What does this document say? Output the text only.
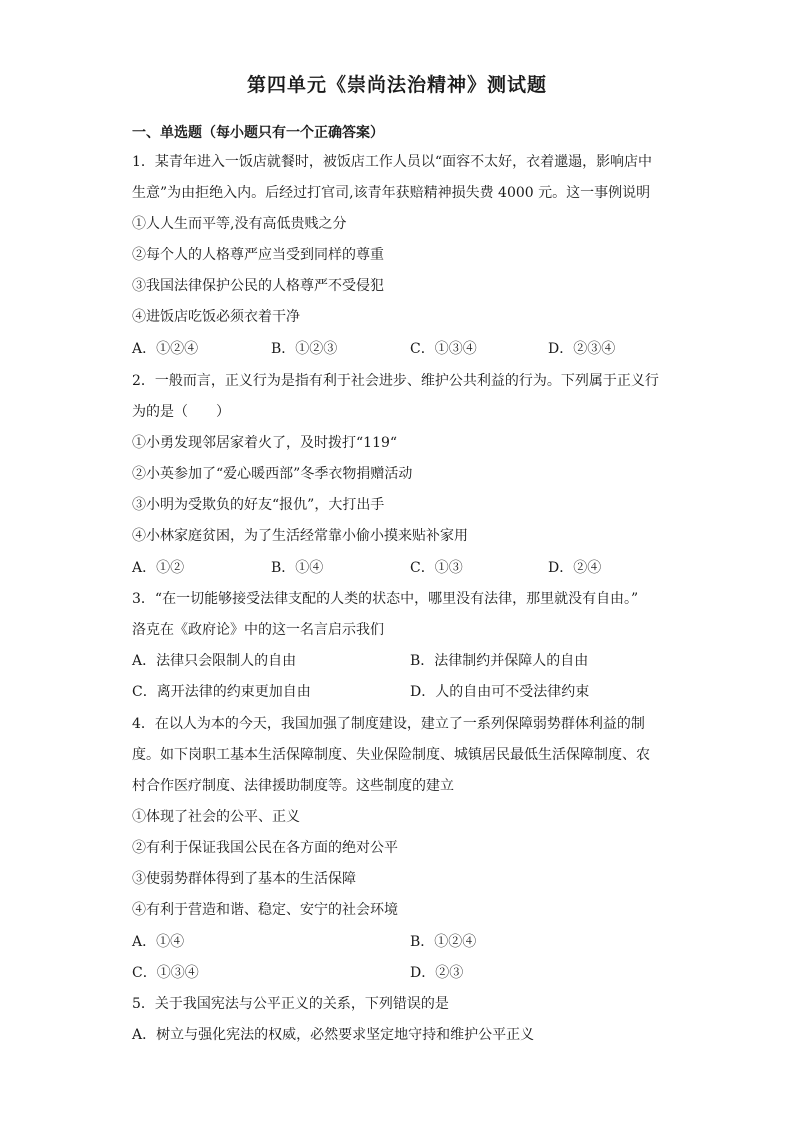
第四单元《崇尚法治精神》测试题
一、单选题（每小题只有一个正确答案）
1．某青年进入一饭店就餐时，被饭店工作人员以“面容不太好，衣着邋遢，影响店中
生意”为由拒绝入内。后经过打官司,该青年获赔精神损失费 4000 元。这一事例说明
①人人生而平等,没有高低贵贱之分
②每个人的人格尊严应当受到同样的尊重
③我国法律保护公民的人格尊严不受侵犯
④进饭店吃饭必须衣着干净
A．①②④	B．①②③	C．①③④	D．②③④
2．一般而言，正义行为是指有利于社会进步、维护公共利益的行为。下列属于正义行
为的是（　　）
①小勇发现邻居家着火了，及时拨打“119“
②小英参加了“爱心暖西部”冬季衣物捐赠活动
③小明为受欺负的好友“报仇”，大打出手
④小林家庭贫困，为了生活经常靠小偷小摸来贴补家用
A．①②	B．①④	C．①③	D．②④
3．“在一切能够接受法律支配的人类的状态中，哪里没有法律，那里就没有自由。”
洛克在《政府论》中的这一名言启示我们
A．法律只会限制人的自由	B．法律制约并保障人的自由
C．离开法律的约束更加自由	D．人的自由可不受法律约束
4．在以人为本的今天，我国加强了制度建设，建立了一系列保障弱势群体利益的制
度。如下岗职工基本生活保障制度、失业保险制度、城镇居民最低生活保障制度、农
村合作医疗制度、法律援助制度等。这些制度的建立
①体现了社会的公平、正义
②有利于保证我国公民在各方面的绝对公平
③使弱势群体得到了基本的生活保障
④有利于营造和谐、稳定、安宁的社会环境
A．①④	B．①②④
C．①③④	D．②③
5．关于我国宪法与公平正义的关系，下列错误的是
A．树立与强化宪法的权威，必然要求坚定地守持和维护公平正义
